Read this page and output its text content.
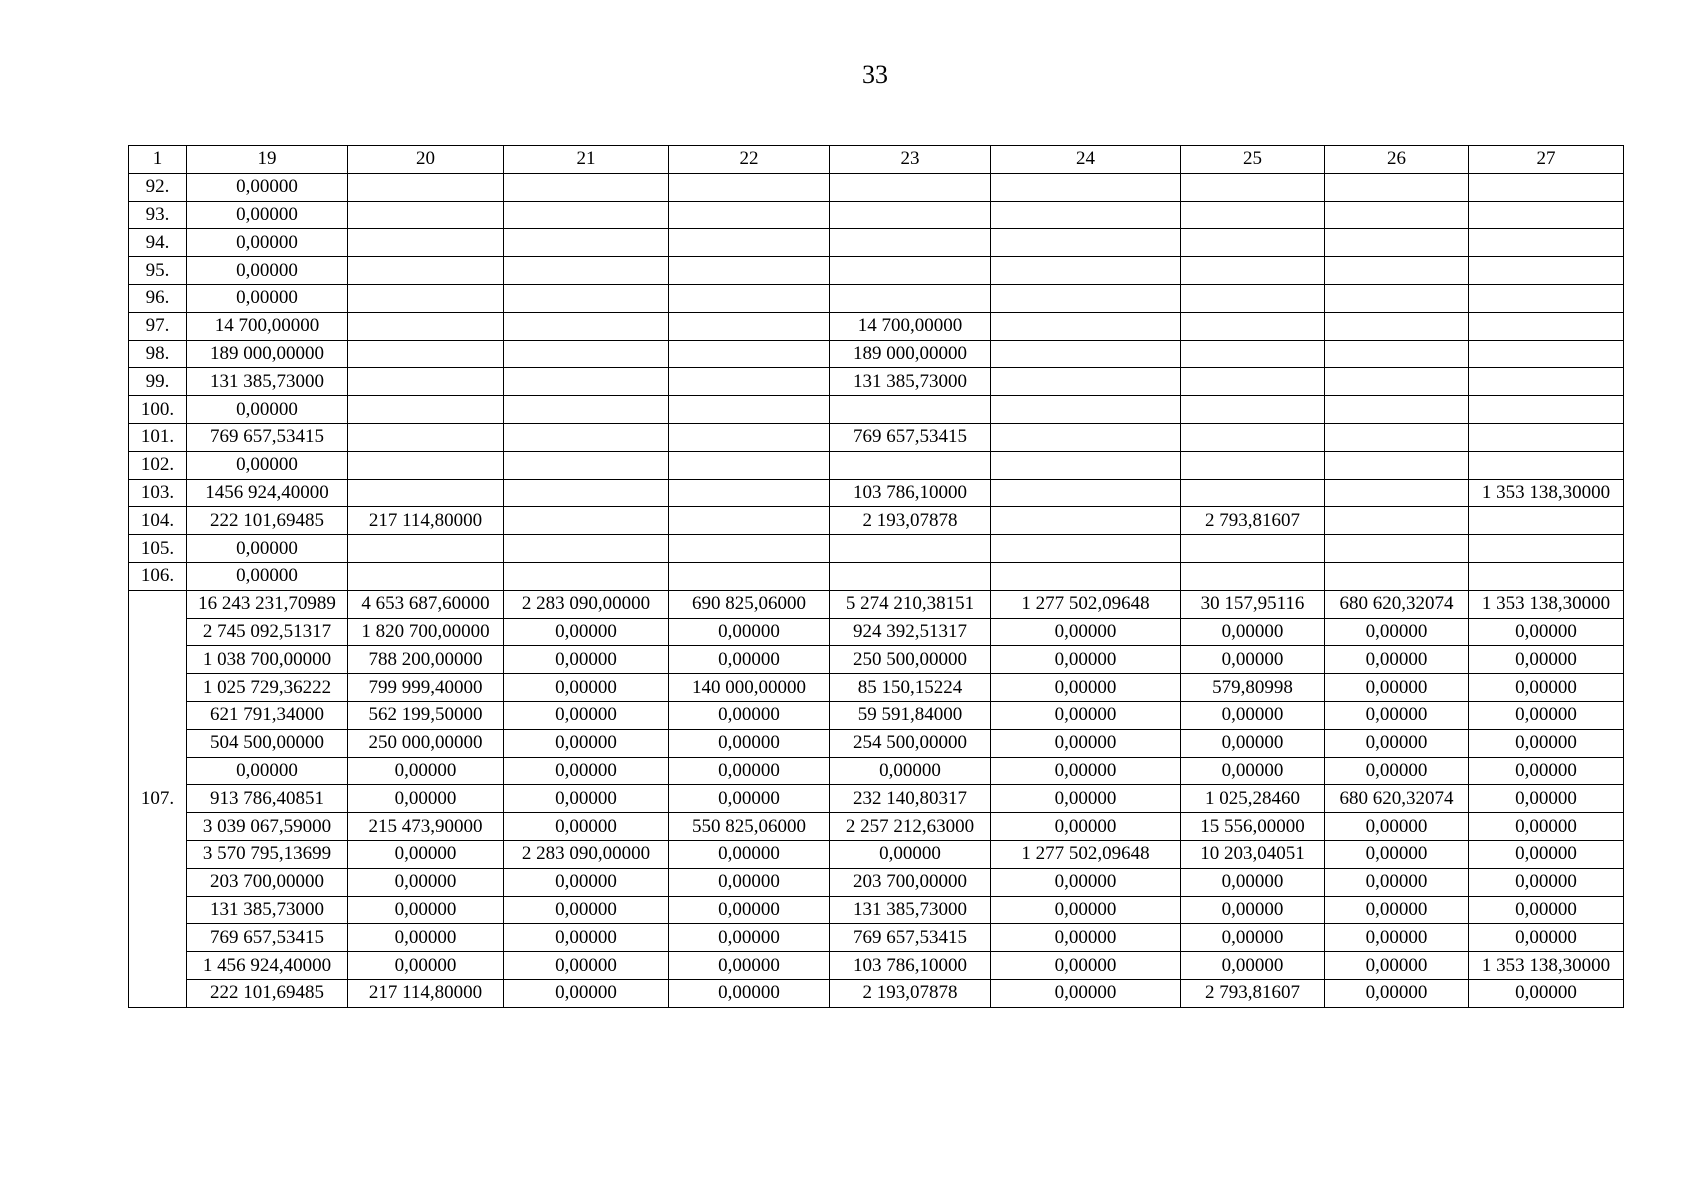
33
1	19	20	21	22	23	24	25	26	27
92.	0,00000								
93.	0,00000								
94.	0,00000								
95.	0,00000								
96.	0,00000								
97.	14 700,00000				14 700,00000				
98.	189 000,00000				189 000,00000				
99.	131 385,73000				131 385,73000				
100.	0,00000								
101.	769 657,53415				769 657,53415				
102.	0,00000								
103.	1456 924,40000				103 786,10000				1 353 138,30000
104.	222 101,69485	217 114,80000			2 193,07878		2 793,81607		
105.	0,00000								
106.	0,00000								
107.	16 243 231,70989	4 653 687,60000	2 283 090,00000	690 825,06000	5 274 210,38151	1 277 502,09648	30 157,95116	680 620,32074	1 353 138,30000
	2 745 092,51317	1 820 700,00000	0,00000	0,00000	924 392,51317	0,00000	0,00000	0,00000	0,00000
	1 038 700,00000	788 200,00000	0,00000	0,00000	250 500,00000	0,00000	0,00000	0,00000	0,00000
	1 025 729,36222	799 999,40000	0,00000	140 000,00000	85 150,15224	0,00000	579,80998	0,00000	0,00000
	621 791,34000	562 199,50000	0,00000	0,00000	59 591,84000	0,00000	0,00000	0,00000	0,00000
	504 500,00000	250 000,00000	0,00000	0,00000	254 500,00000	0,00000	0,00000	0,00000	0,00000
	0,00000	0,00000	0,00000	0,00000	0,00000	0,00000	0,00000	0,00000	0,00000
	913 786,40851	0,00000	0,00000	0,00000	232 140,80317	0,00000	1 025,28460	680 620,32074	0,00000
	3 039 067,59000	215 473,90000	0,00000	550 825,06000	2 257 212,63000	0,00000	15 556,00000	0,00000	0,00000
	3 570 795,13699	0,00000	2 283 090,00000	0,00000	0,00000	1 277 502,09648	10 203,04051	0,00000	0,00000
	203 700,00000	0,00000	0,00000	0,00000	203 700,00000	0,00000	0,00000	0,00000	0,00000
	131 385,73000	0,00000	0,00000	0,00000	131 385,73000	0,00000	0,00000	0,00000	0,00000
	769 657,53415	0,00000	0,00000	0,00000	769 657,53415	0,00000	0,00000	0,00000	0,00000
	1 456 924,40000	0,00000	0,00000	0,00000	103 786,10000	0,00000	0,00000	0,00000	1 353 138,30000
	222 101,69485	217 114,80000	0,00000	0,00000	2 193,07878	0,00000	2 793,81607	0,00000	0,00000
